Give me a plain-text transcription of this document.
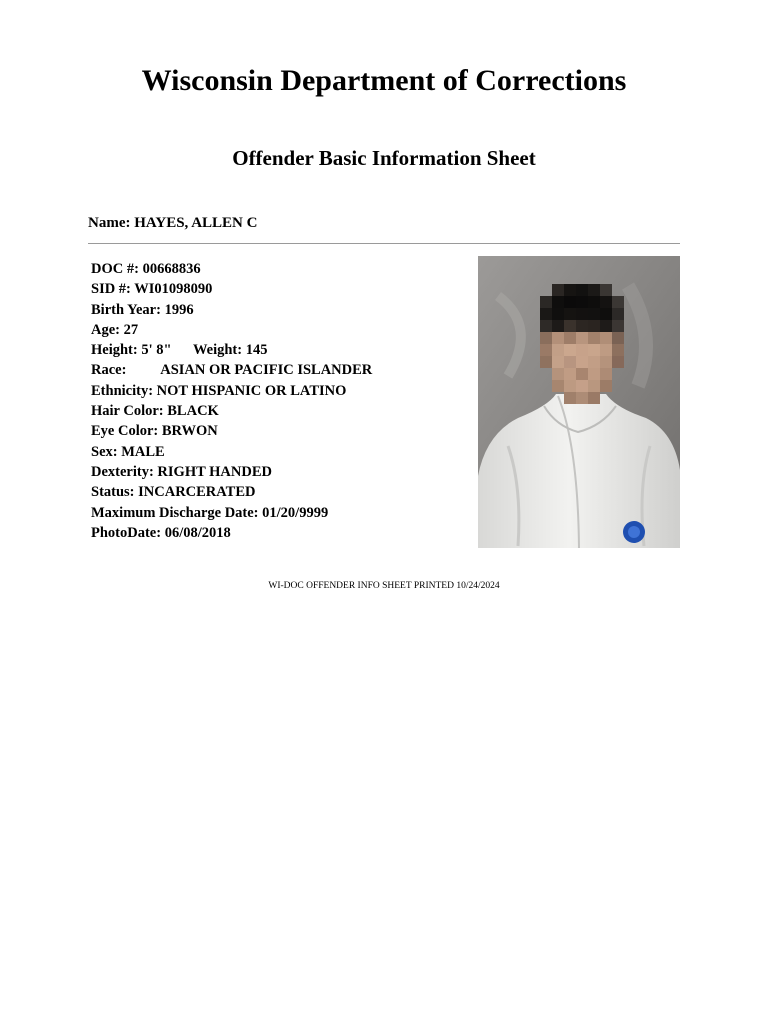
Wisconsin Department of Corrections
Offender Basic Information Sheet
Name: HAYES, ALLEN C
DOC #: 00668836
SID #: WI01098090
Birth Year: 1996
Age: 27
Height: 5' 8" Weight: 145
Race: ASIAN OR PACIFIC ISLANDER
Ethnicity: NOT HISPANIC OR LATINO
Hair Color: BLACK
Eye Color: BRWON
Sex: MALE
Dexterity: RIGHT HANDED
Status: INCARCERATED
Maximum Discharge Date: 01/20/9999
PhotoDate: 06/08/2018
WI-DOC OFFENDER INFO SHEET PRINTED 10/24/2024
